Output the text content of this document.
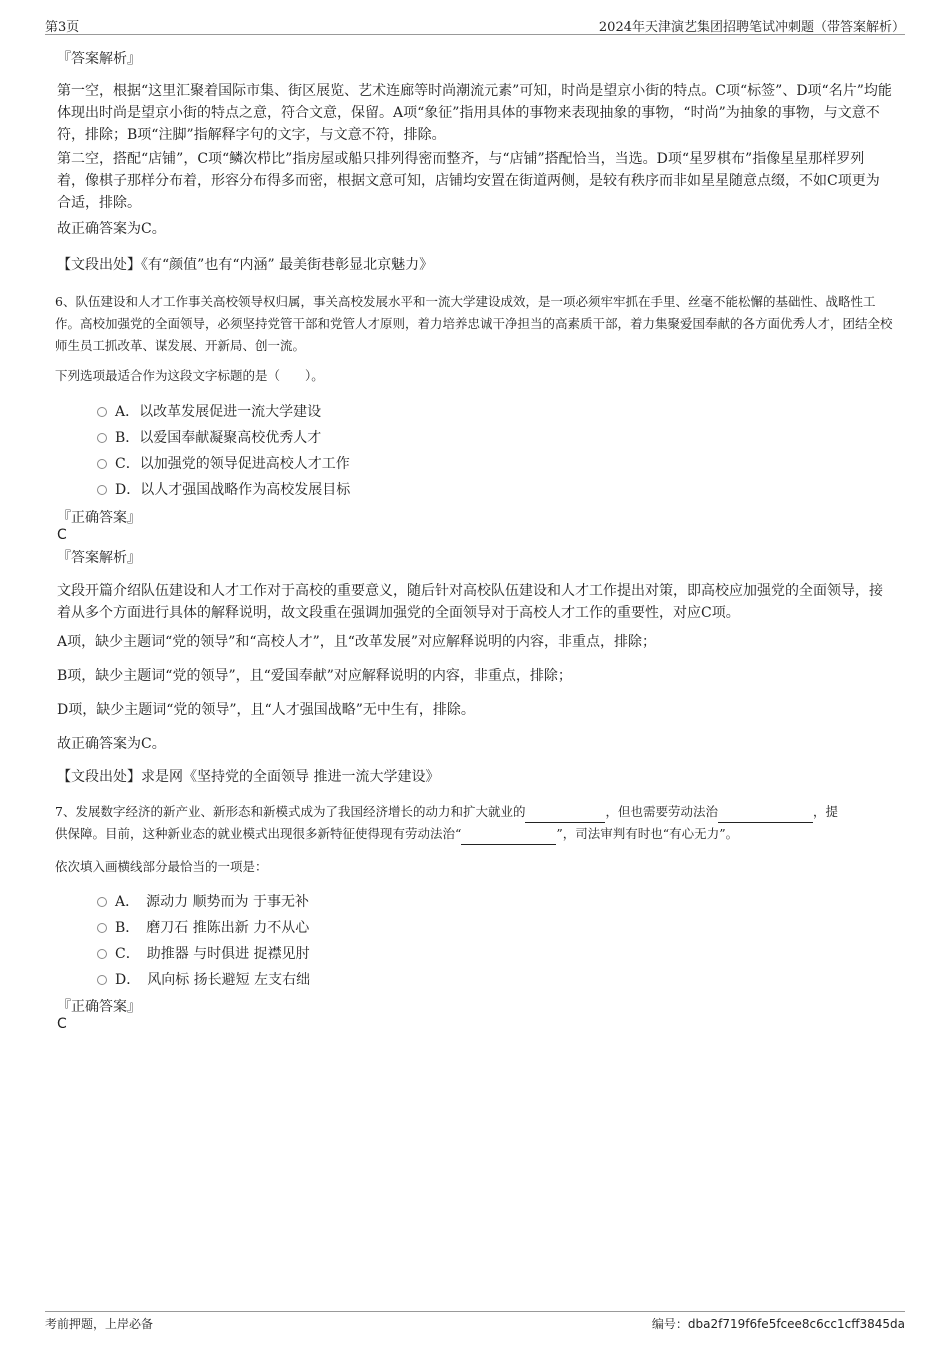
第3页	2024年天津演艺集团招聘笔试冲刺题（带答案解析）
『答案解析』
第一空，根据“这里汇聚着国际市集、街区展览、艺术连廊等时尚潮流元素”可知，时尚是望京小街的特点。C项“标签”、D项“名片”均能体现出时尚是望京小街的特点之意，符合文意，保留。A项“象征”指用具体的事物来表现抽象的事物，“时尚”为抽象的事物，与文意不符，排除；B项“注脚”指解释字句的文字，与文意不符，排除。
第二空，搭配“店铺”，C项“鳞次栉比”指房屋或船只排列得密而整齐，与“店铺”搭配恰当，当选。D项“星罗棋布”指像星星那样罗列着，像棋子那样分布着，形容分布得多而密，根据文意可知，店铺均安置在街道两侧，是较有秩序而非如星星随意点缀，不如C项更为合适，排除。
故正确答案为C。
【文段出处】《有“颜值”也有“内涵” 最美街巷彰显北京魅力》
6、队伍建设和人才工作事关高校领导权归属，事关高校发展水平和一流大学建设成效，是一项必须牢牢抓在手里、丝毫不能松懈的基础性、战略性工作。高校加强党的全面领导，必须坚持党管干部和党管人才原则，着力培养忠诚干净担当的高素质干部，着力集聚爱国奉献的各方面优秀人才，团结全校师生员工抓改革、谋发展、开新局、创一流。
下列选项最适合作为这段文字标题的是（　　）。
A．以改革发展促进一流大学建设
B．以爱国奉献凝聚高校优秀人才
C．以加强党的领导促进高校人才工作
D．以人才强国战略作为高校发展目标
『正确答案』
C
『答案解析』
文段开篇介绍队伍建设和人才工作对于高校的重要意义，随后针对高校队伍建设和人才工作提出对策，即高校应加强党的全面领导，接着从多个方面进行具体的解释说明，故文段重在强调加强党的全面领导对于高校人才工作的重要性，对应C项。
A项，缺少主题词“党的领导”和“高校人才”，且“改革发展”对应解释说明的内容，非重点，排除；
B项，缺少主题词“党的领导”，且“爱国奉献”对应解释说明的内容，非重点，排除；
D项，缺少主题词“党的领导”，且“人才强国战略”无中生有，排除。
故正确答案为C。
【文段出处】求是网《坚持党的全面领导 推进一流大学建设》
7、发展数字经济的新产业、新形态和新模式成为了我国经济增长的动力和扩大就业的	，但也需要劳动法治	，提
供保障。目前，这种新业态的就业模式出现很多新特征使得现有劳动法治“	”，司法审判有时也“有心无力”。
依次填入画横线部分最恰当的一项是：
A．　源动力 顺势而为 于事无补
B．　磨刀石 推陈出新 力不从心
C．　助推器 与时俱进 捉襟见肘
D．　风向标 扬长避短 左支右绌
『正确答案』
C
考前押题，上岸必备	编号：dba2f719f6fe5fcee8c6cc1cff3845da
